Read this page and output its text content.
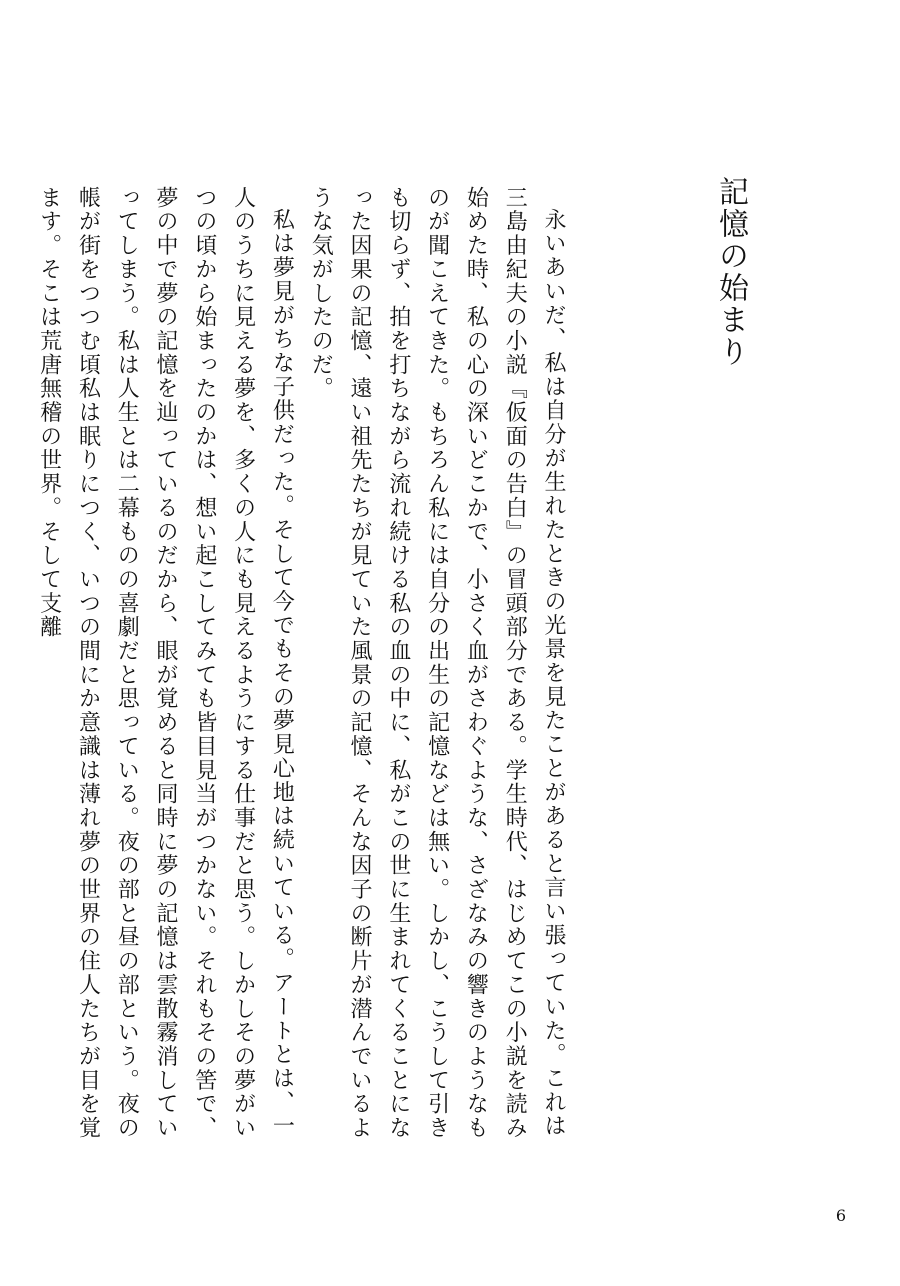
記憶の始まり

永いあいだ、私は自分が生れたときの光景を見たことがあると言い張っていた。これは三島由紀夫の小説『仮面の告白』の冒頭部分である。学生時代、はじめてこの小説を読み始めた時、私の心の深いどこかで、小さく血がさわぐような、さざなみの響きのようなものが聞こえてきた。もちろん私には自分の出生の記憶などは無い。しかし、こうして引きも切らず、拍を打ちながら流れ続ける私の血の中に、私がこの世に生まれてくることになった因果の記憶、遠い祖先たちが見ていた風景の記憶、そんな因子の断片が潜んでいるような気がしたのだ。

私は夢見がちな子供だった。そして今でもその夢見心地は続いている。アートとは、一人のうちに見える夢を、多くの人にも見えるようにする仕事だと思う。しかしその夢がいつの頃から始まったのかは、想い起こしてみても皆目見当がつかない。それもその筈で、夢の中で夢の記憶を辿っているのだから、眼が覚めると同時に夢の記憶は雲散霧消していってしまう。私は人生とは二幕ものの喜劇だと思っている。夜の部と昼の部という。夜の帳が街をつつむ頃私は眠りにつく、いつの間にか意識は薄れ夢の世界の住人たちが目を覚ます。そこは荒唐無稽の世界。そして支離

6
